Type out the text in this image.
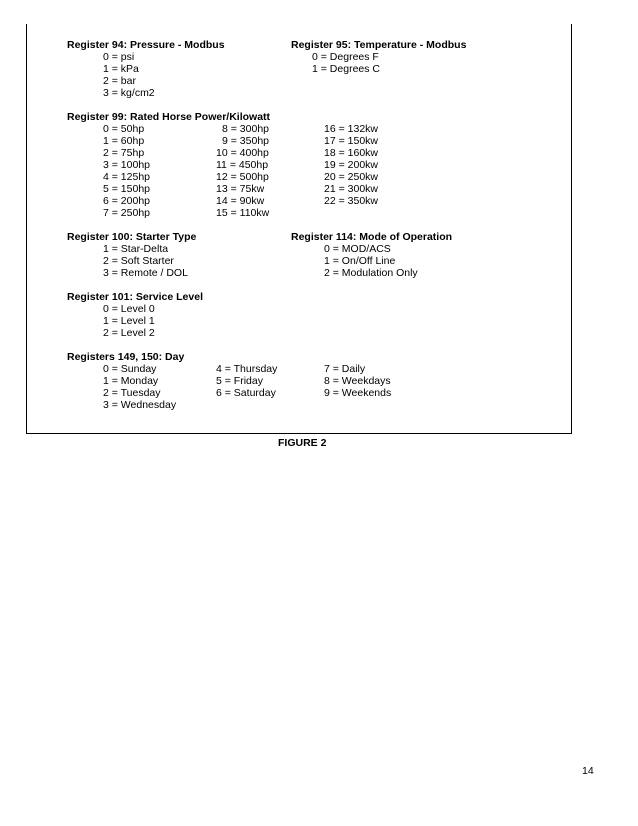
Register 94: Pressure - Modbus
0 = psi
1 = kPa
2 = bar
3 = kg/cm2
Register 95: Temperature - Modbus
0 = Degrees F
1 = Degrees C
Register 99: Rated Horse Power/Kilowatt
0 = 50hp
1 = 60hp
2 = 75hp
3 = 100hp
4 = 125hp
5 = 150hp
6 = 200hp
7 = 250hp
8 = 300hp
9 = 350hp
10 = 400hp
11 = 450hp
12 = 500hp
13 = 75kw
14 = 90kw
15 = 110kw
16 = 132kw
17 = 150kw
18 = 160kw
19 = 200kw
20 = 250kw
21 = 300kw
22 = 350kw
Register 100: Starter Type
1 = Star-Delta
2 = Soft Starter
3 = Remote / DOL
Register 114: Mode of Operation
0 = MOD/ACS
1 = On/Off Line
2 = Modulation Only
Register 101: Service Level
0 = Level 0
1 = Level 1
2 = Level 2
Registers 149, 150: Day
0 = Sunday
1 = Monday
2 = Tuesday
3 = Wednesday
4 = Thursday
5 = Friday
6 = Saturday
7 = Daily
8 = Weekdays
9 = Weekends
FIGURE 2
14
